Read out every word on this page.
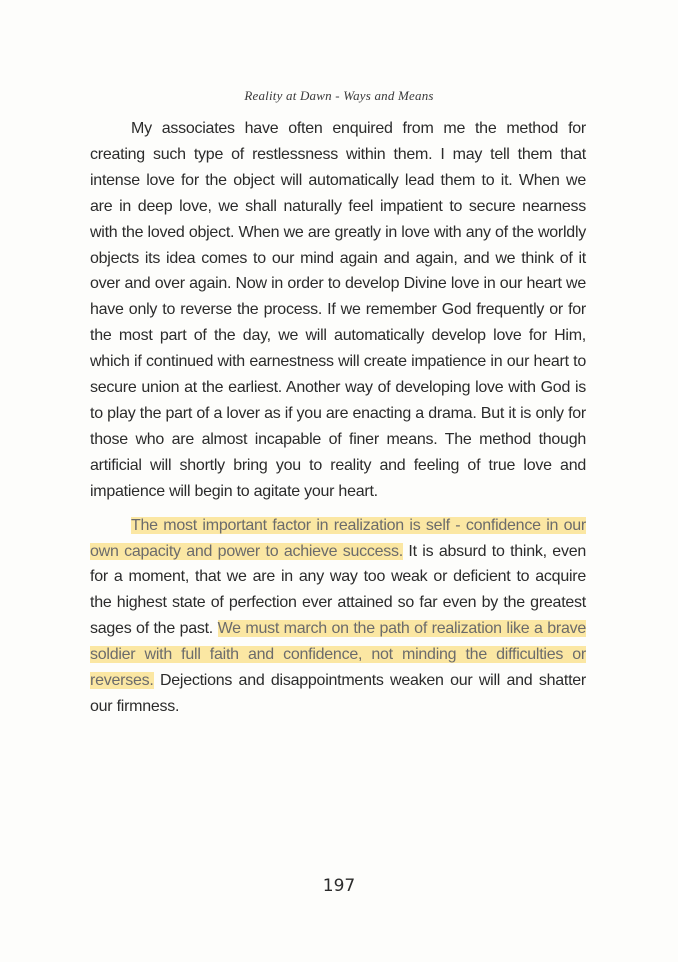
Reality at Dawn - Ways and Means

My associates have often enquired from me the method for creating such type of restlessness within them. I may tell them that intense love for the object will automatically lead them to it. When we are in deep love, we shall naturally feel impatient to secure nearness with the loved object. When we are greatly in love with any of the worldly objects its idea comes to our mind again and again, and we think of it over and over again. Now in order to develop Divine love in our heart we have only to reverse the process. If we remember God frequently or for the most part of the day, we will automatically develop love for Him, which if continued with earnestness will create impatience in our heart to secure union at the earliest. Another way of developing love with God is to play the part of a lover as if you are enacting a drama. But it is only for those who are almost incapable of finer means. The method though artificial will shortly bring you to reality and feeling of true love and impatience will begin to agitate your heart.

The most important factor in realization is self - confidence in our own capacity and power to achieve success. It is absurd to think, even for a moment, that we are in any way too weak or deficient to acquire the highest state of perfection ever attained so far even by the greatest sages of the past. We must march on the path of realization like a brave soldier with full faith and confidence, not minding the difficulties or reverses. Dejections and disappointments weaken our will and shatter our firmness.

197
